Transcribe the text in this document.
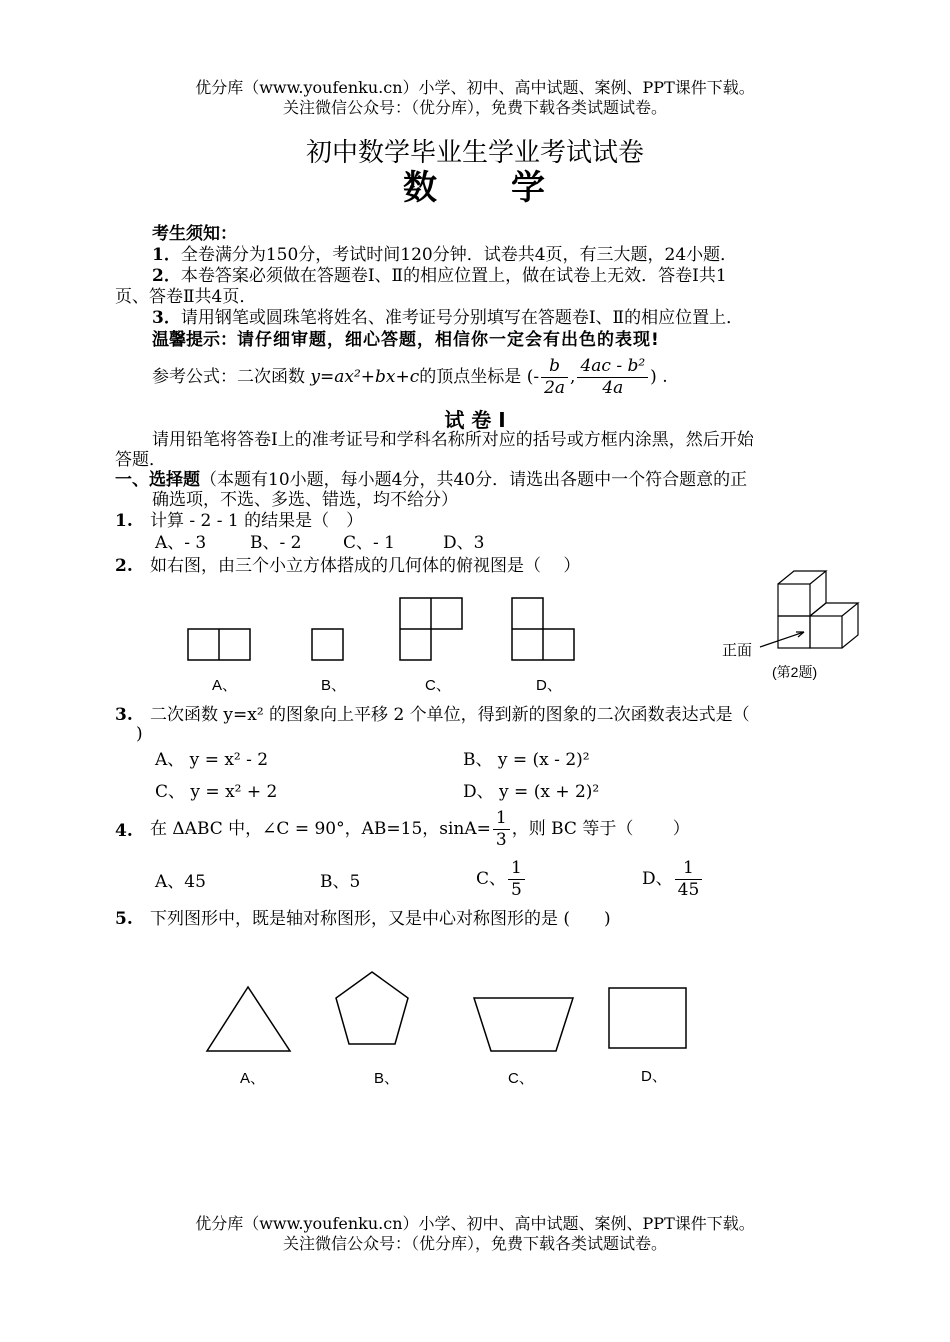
优分库（www.youfenku.cn）小学、初中、高中试题、案例、PPT课件下载。
关注微信公众号：（优分库），免费下载各类试题试卷。
初中数学毕业生学业考试试卷
数　　学
考生须知：
1．全卷满分为150分，考试时间120分钟．试卷共4页，有三大题，24小题．
2．本卷答案必须做在答题卷Ⅰ、Ⅱ的相应位置上，做在试卷上无效．答卷Ⅰ共1
页、答卷Ⅱ共4页．
3．请用钢笔或圆珠笔将姓名、准考证号分别填写在答题卷Ⅰ、Ⅱ的相应位置上．
温馨提示：请仔细审题，细心答题，相信你一定会有出色的表现!
参考公式：二次函数 y=ax²+bx+c的顶点坐标是 (- $\frac{b}{2a}$ , $\frac{\text{4ac - b²}}{4a}$ ) .
试 卷 Ⅰ
请用铅笔将答卷Ⅰ上的准考证号和学科名称所对应的括号或方框内涂黑，然后开始
答题．
一、选择题（本题有10小题，每小题4分，共40分．请选出各题中一个符合题意的正
确选项，不选、多选、错选，均不给分）
1. 计算 - 2 - 1 的结果是（　）
A、- 3	B、- 2 C、- 1	D、3
2. 如右图，由三个小立方体搭成的几何体的俯视图是（　 ）
正面
(第2题)
A、	B、	C、	D、
3. 二次函数 y=x² 的图象向上平移 2 个单位，得到新的图象的二次函数表达式是（
)
A、 y = x² - 2	B、 y = (x - 2)²
C、 y = x² + 2	D、 y = (x + 2)²
4. 在 ΔABC 中，∠C = 90°，AB=15，$\sin A= \frac{1}{3}$ ，则 BC 等于（　　 ）
A、45	B、5	C、 $\frac{1}{5}$	D、 $\frac{1}{45}$
5. 下列图形中，既是轴对称图形，又是中心对称图形的是 (　　)
A、	B、	C、	D、
优分库（www.youfenku.cn）小学、初中、高中试题、案例、PPT课件下载。
关注微信公众号：（优分库），免费下载各类试题试卷。
